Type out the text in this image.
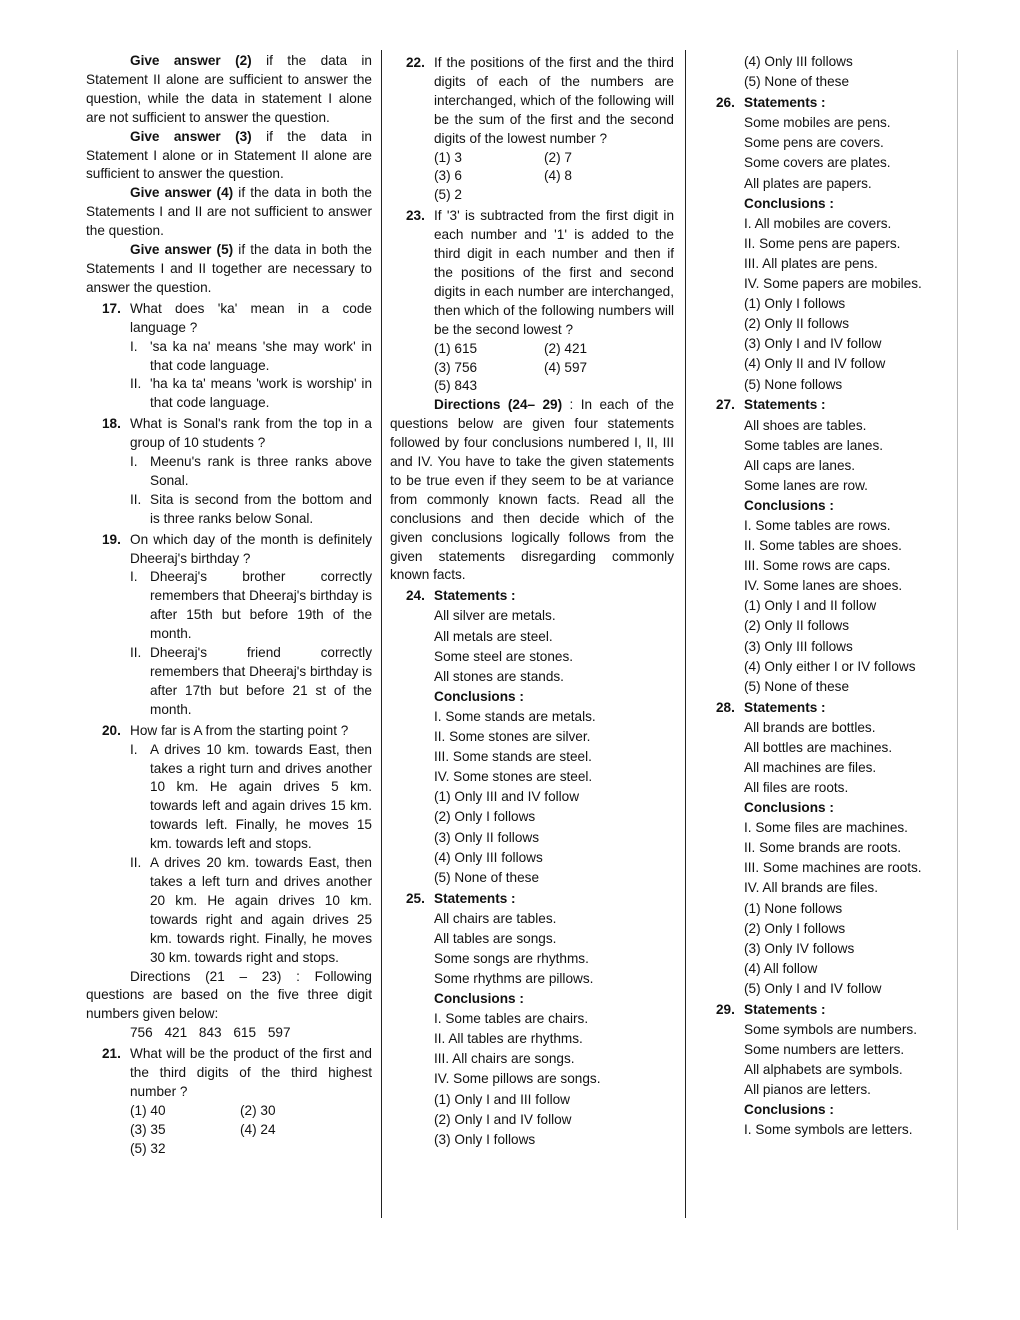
Give answer (2) if the data in Statement II alone are sufficient to answer the question, while the data in statement I alone are not sufficient to answer the question.

Give answer (3) if the data in Statement I alone or in Statement II alone are sufficient to answer the question.

Give answer (4) if the data in both the Statements I and II are not sufficient to answer the question.

Give answer (5) if the data in both the Statements I and II together are necessary to answer the question.

17. What does 'ka' mean in a code language ?
I. 'sa ka na' means 'she may work' in that code language.
II. 'ha ka ta' means 'work is worship' in that code language.
18. What is Sonal's rank from the top in a group of 10 students ?
I. Meenu's rank is three ranks above Sonal.
II. Sita is second from the bottom and is three ranks below Sonal.
19. On which day of the month is definitely Dheeraj's birthday ?
I. Dheeraj's brother correctly remembers that Dheeraj's birthday is after 15th but before 19th of the month.
II. Dheeraj's friend correctly remembers that Dheeraj's birthday is after 17th but before 21 st of the month.
20. How far is A from the starting point ?
I. A drives 10 km. towards East, then takes a right turn and drives another 10 km. He again drives 5 km. towards left and again drives 15 km. towards left. Finally, he moves 15 km. towards left and stops.
II. A drives 20 km. towards East, then takes a left turn and drives another 20 km. He again drives 10 km. towards right and again drives 25 km. towards right. Finally, he moves 30 km. towards right and stops.

Directions (21 – 23) : Following questions are based on the five three digit numbers given below:

756 421 843 615 597
21. What will be the product of the first and the third digits of the third highest number ?
(1) 40	(2) 30
(3) 35	(4) 24
(5) 32
22. If the positions of the first and the third digits of each of the numbers are interchanged, which of the following will be the sum of the first and the second digits of the lowest number ?
(1) 3	(2) 7
(3) 6	(4) 8
(5) 2
23. If '3' is subtracted from the first digit in each number and '1' is added to the third digit in each number and then if the positions of the first and second digits in each number are interchanged, then which of the following numbers will be the second lowest ?
(1) 615	(2) 421
(3) 756	(4) 597
(5) 843

Directions (24– 29) : In each of the questions below are given four statements followed by four conclusions numbered I, II, III and IV. You have to take the given statements to be true even if they seem to be at variance from commonly known facts. Read all the conclusions and then decide which of the given conclusions logically follows from the given statements disregarding commonly known facts.

24. Statements :
All silver are metals.
All metals are steel.
Some steel are stones.
All stones are stands.
Conclusions :
I. Some stands are metals.
II. Some stones are silver.
III. Some stands are steel.
IV. Some stones are steel.
(1) Only III and IV follow
(2) Only I follows
(3) Only II follows
(4) Only III follows
(5) None of these
25. Statements :
All chairs are tables.
All tables are songs.
Some songs are rhythms.
Some rhythms are pillows.
Conclusions :
I. Some tables are chairs.
II. All tables are rhythms.
III. All chairs are songs.
IV. Some pillows are songs.
(1) Only I and III follow
(2) Only I and IV follow
(3) Only I follows
(4) Only III follows
(5) None of these
26. Statements :
Some mobiles are pens.
Some pens are covers.
Some covers are plates.
All plates are papers.
Conclusions :
I. All mobiles are covers.
II. Some pens are papers.
III. All plates are pens.
IV. Some papers are mobiles.
(1) Only I follows
(2) Only II follows
(3) Only I and IV follow
(4) Only II and IV follow
(5) None follows
27. Statements :
All shoes are tables.
Some tables are lanes.
All caps are lanes.
Some lanes are row.
Conclusions :
I. Some tables are rows.
II. Some tables are shoes.
III. Some rows are caps.
IV. Some lanes are shoes.
(1) Only I and II follow
(2) Only II follows
(3) Only III follows
(4) Only either I or IV follows
(5) None of these
28. Statements :
All brands are bottles.
All bottles are machines.
All machines are files.
All files are roots.
Conclusions :
I. Some files are machines.
II. Some brands are roots.
III. Some machines are roots.
IV. All brands are files.
(1) None follows
(2) Only I follows
(3) Only IV follows
(4) All follow
(5) Only I and IV follow
29. Statements :
Some symbols are numbers.
Some numbers are letters.
All alphabets are symbols.
All pianos are letters.
Conclusions :
I. Some symbols are letters.
